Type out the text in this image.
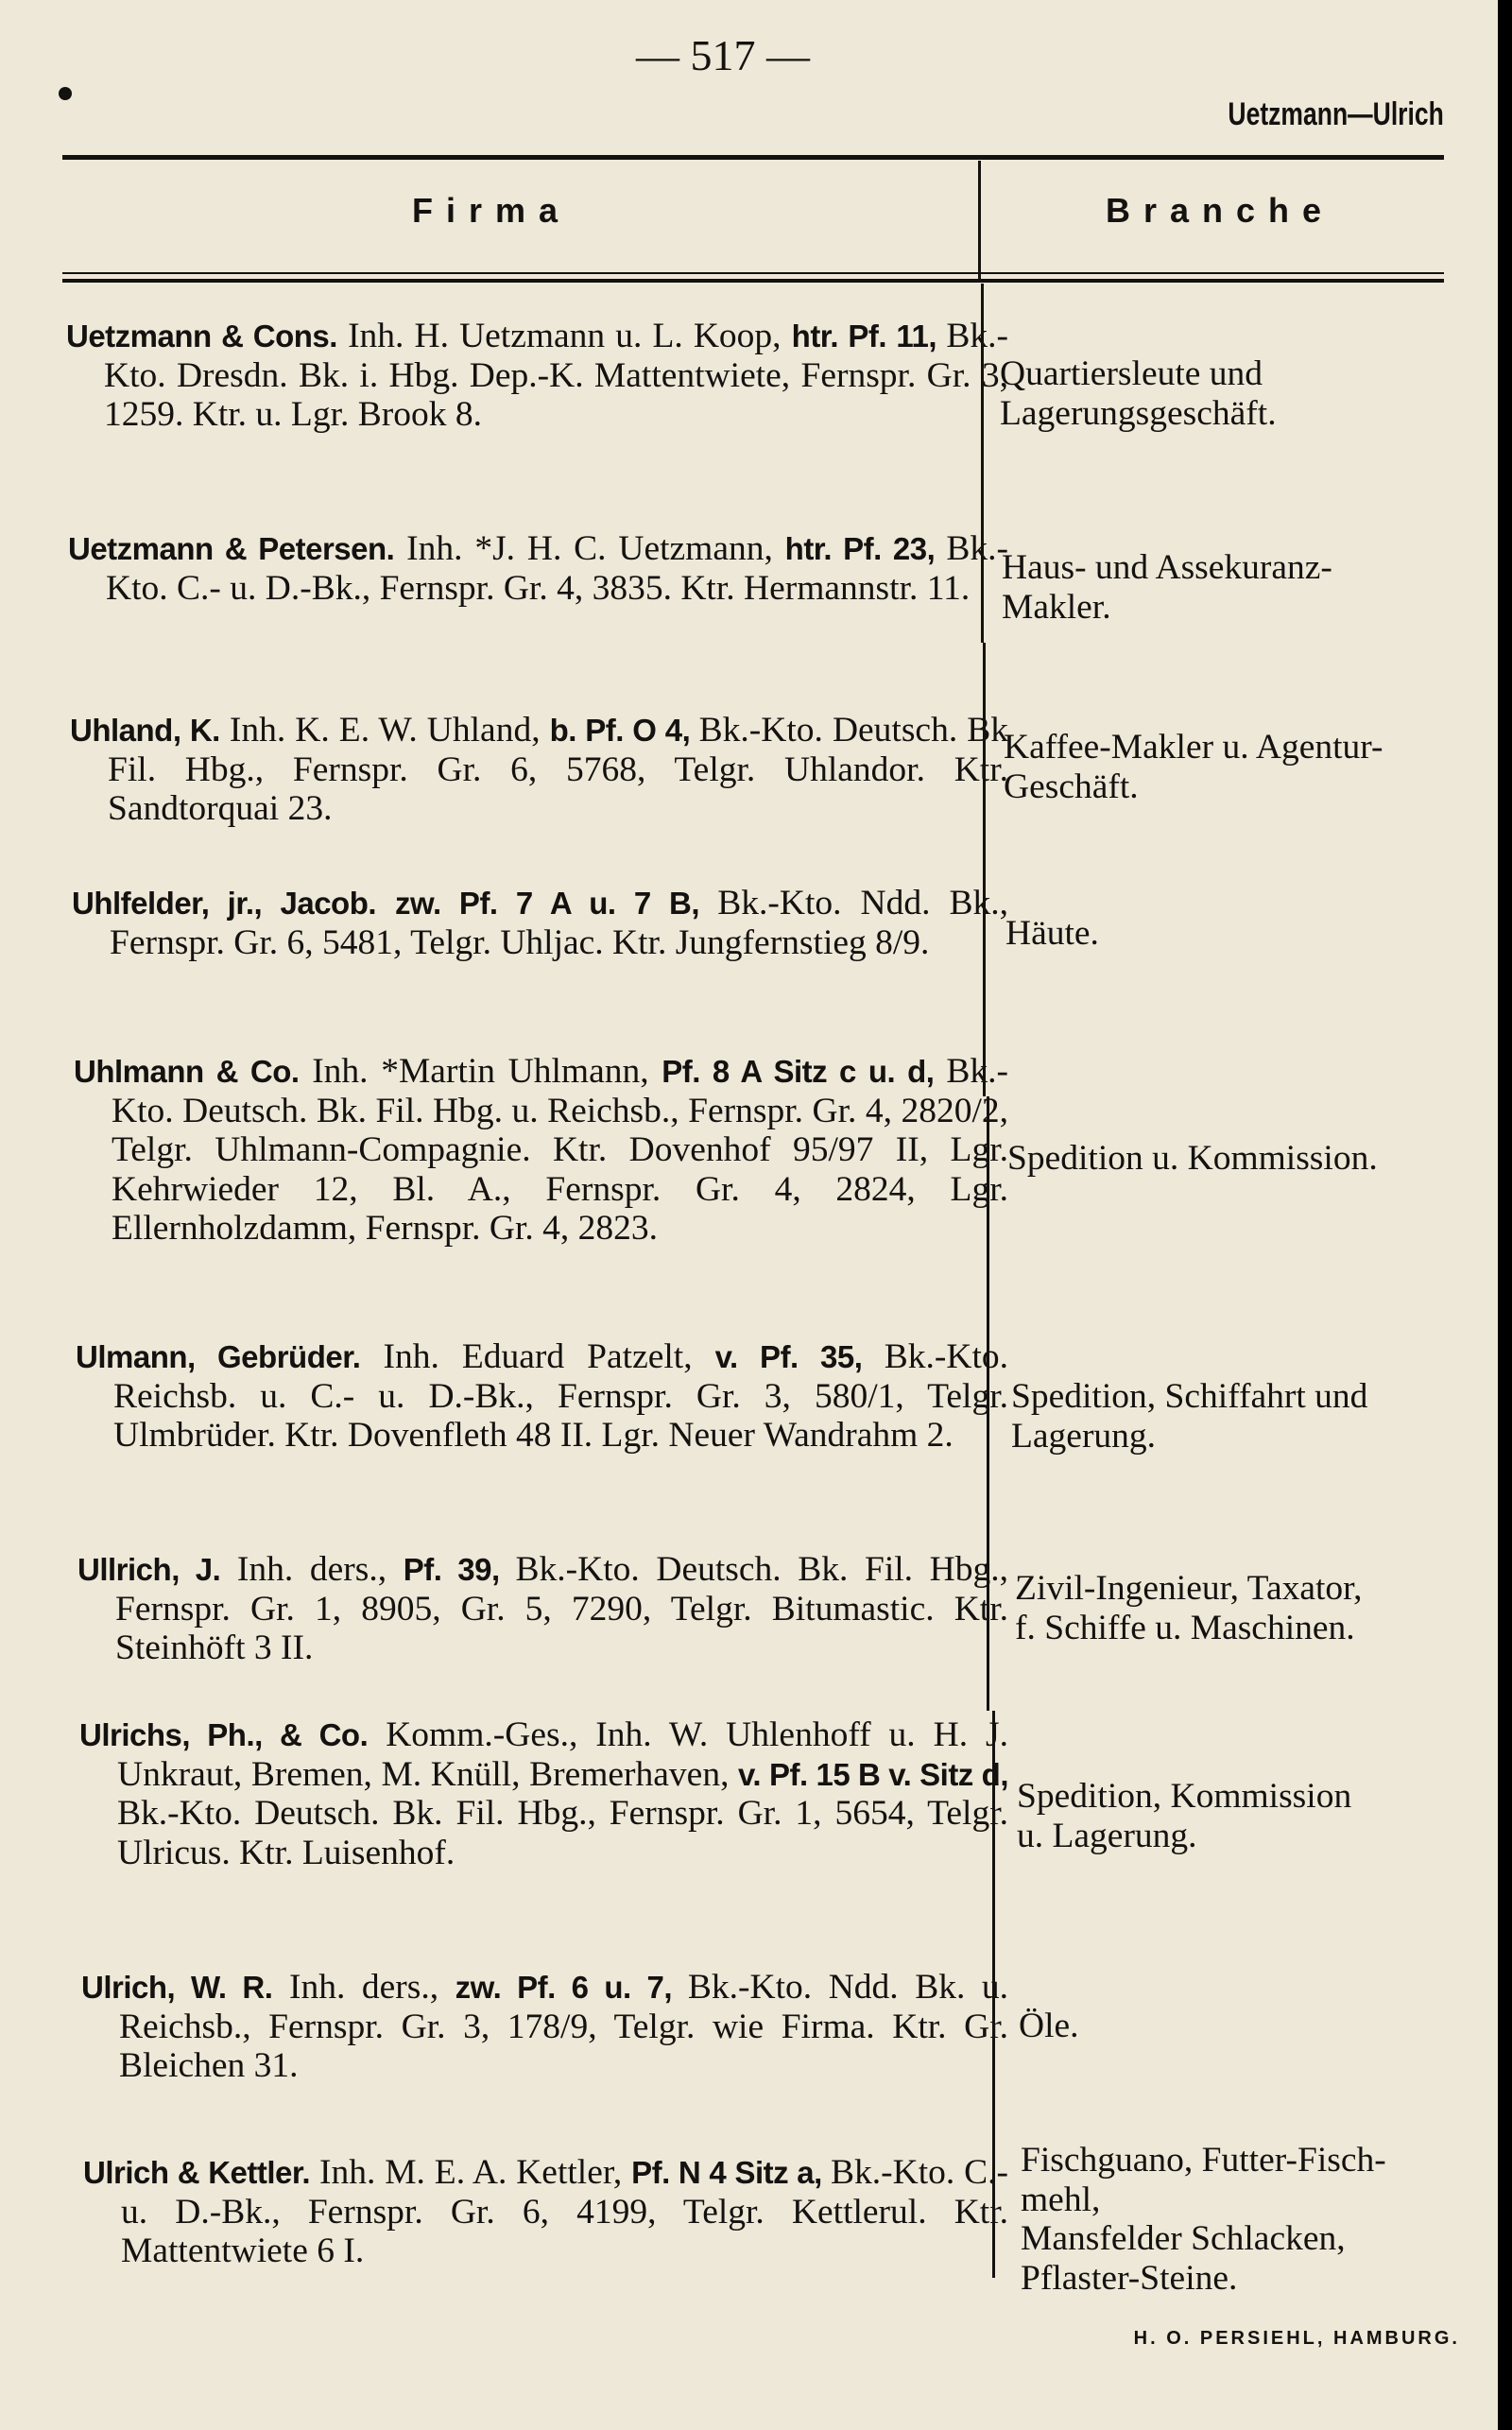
— 517 —
Uetzmann—Ulrich
Firma	Branche
Uetzmann & Cons. Inh. H. Uetzmann u. L. Koop, htr. Pf. 11, Bk.-Kto. Dresdn. Bk. i. Hbg. Dep.-K. Mattentwiete, Fernspr. Gr. 3, 1259. Ktr. u. Lgr. Brook 8.
Quartiersleute und
Lagerungsgeschäft.
Uetzmann & Petersen. Inh. *J. H. C. Uetzmann, htr. Pf. 23, Bk.-Kto. C.- u. D.-Bk., Fernspr. Gr. 4, 3835. Ktr. Hermannstr. 11.
Haus- und Assekuranz-
Makler.
Uhland, K. Inh. K. E. W. Uhland, b. Pf. O 4, Bk.-Kto. Deutsch. Bk Fil. Hbg., Fernspr. Gr. 6, 5768, Telgr. Uhlandor. Ktr. Sandtorquai 23.
Kaffee-Makler u. Agentur-
Geschäft.
Uhlfelder, jr., Jacob. zw. Pf. 7 A u. 7 B, Bk.-Kto. Ndd. Bk., Fernspr. Gr. 6, 5481, Telgr. Uhljac. Ktr. Jungfernstieg 8/9.	Häute.
Uhlmann & Co. Inh. *Martin Uhlmann, Pf. 8 A Sitz c u. d, Bk.-Kto. Deutsch. Bk. Fil. Hbg. u. Reichsb., Fernspr. Gr. 4, 2820/2, Telgr. Uhlmann-Compagnie. Ktr. Dovenhof 95/97 II, Lgr. Kehrwieder 12, Bl. A., Fernspr. Gr. 4, 2824, Lgr. Ellernholzdamm, Fernspr. Gr. 4, 2823.
Spedition u. Kommission.
Ulmann, Gebrüder. Inh. Eduard Patzelt, v. Pf. 35, Bk.-Kto. Reichsb. u. C.- u. D.-Bk., Fernspr. Gr. 3, 580/1, Telgr. Ulmbrüder. Ktr. Dovenfleth 48 II. Lgr. Neuer Wandrahm 2.
Spedition, Schiffahrt und
Lagerung.
Ullrich, J. Inh. ders., Pf. 39, Bk.-Kto. Deutsch. Bk. Fil. Hbg., Fernspr. Gr. 1, 8905, Gr. 5, 7290, Telgr. Bitumastic. Ktr. Steinhöft 3 II.
Zivil-Ingenieur, Taxator,
f. Schiffe u. Maschinen.
Ulrichs, Ph., & Co. Komm.-Ges., Inh. W. Uhlenhoff u. H. J. Unkraut, Bremen, M. Knüll, Bremerhaven, v. Pf. 15 B v. Sitz d, Bk.-Kto. Deutsch. Bk. Fil. Hbg., Fernspr. Gr. 1, 5654, Telgr. Ulricus. Ktr. Luisenhof.
Spedition, Kommission
u. Lagerung.
Ulrich, W. R. Inh. ders., zw. Pf. 6 u. 7, Bk.-Kto. Ndd. Bk. u. Reichsb., Fernspr. Gr. 3, 178/9, Telgr. wie Firma. Ktr. Gr. Bleichen 31.
Öle.
Ulrich & Kettler. Inh. M. E. A. Kettler, Pf. N 4 Sitz a, Bk.-Kto. C.- u. D.-Bk., Fernspr. Gr. 6, 4199, Telgr. Kettlerul. Ktr. Mattentwiete 6 I.
Fischguano, Futter-Fisch-
mehl,
Mansfelder Schlacken,
Pflaster-Steine.
H. O. PERSIEHL, HAMBURG.
